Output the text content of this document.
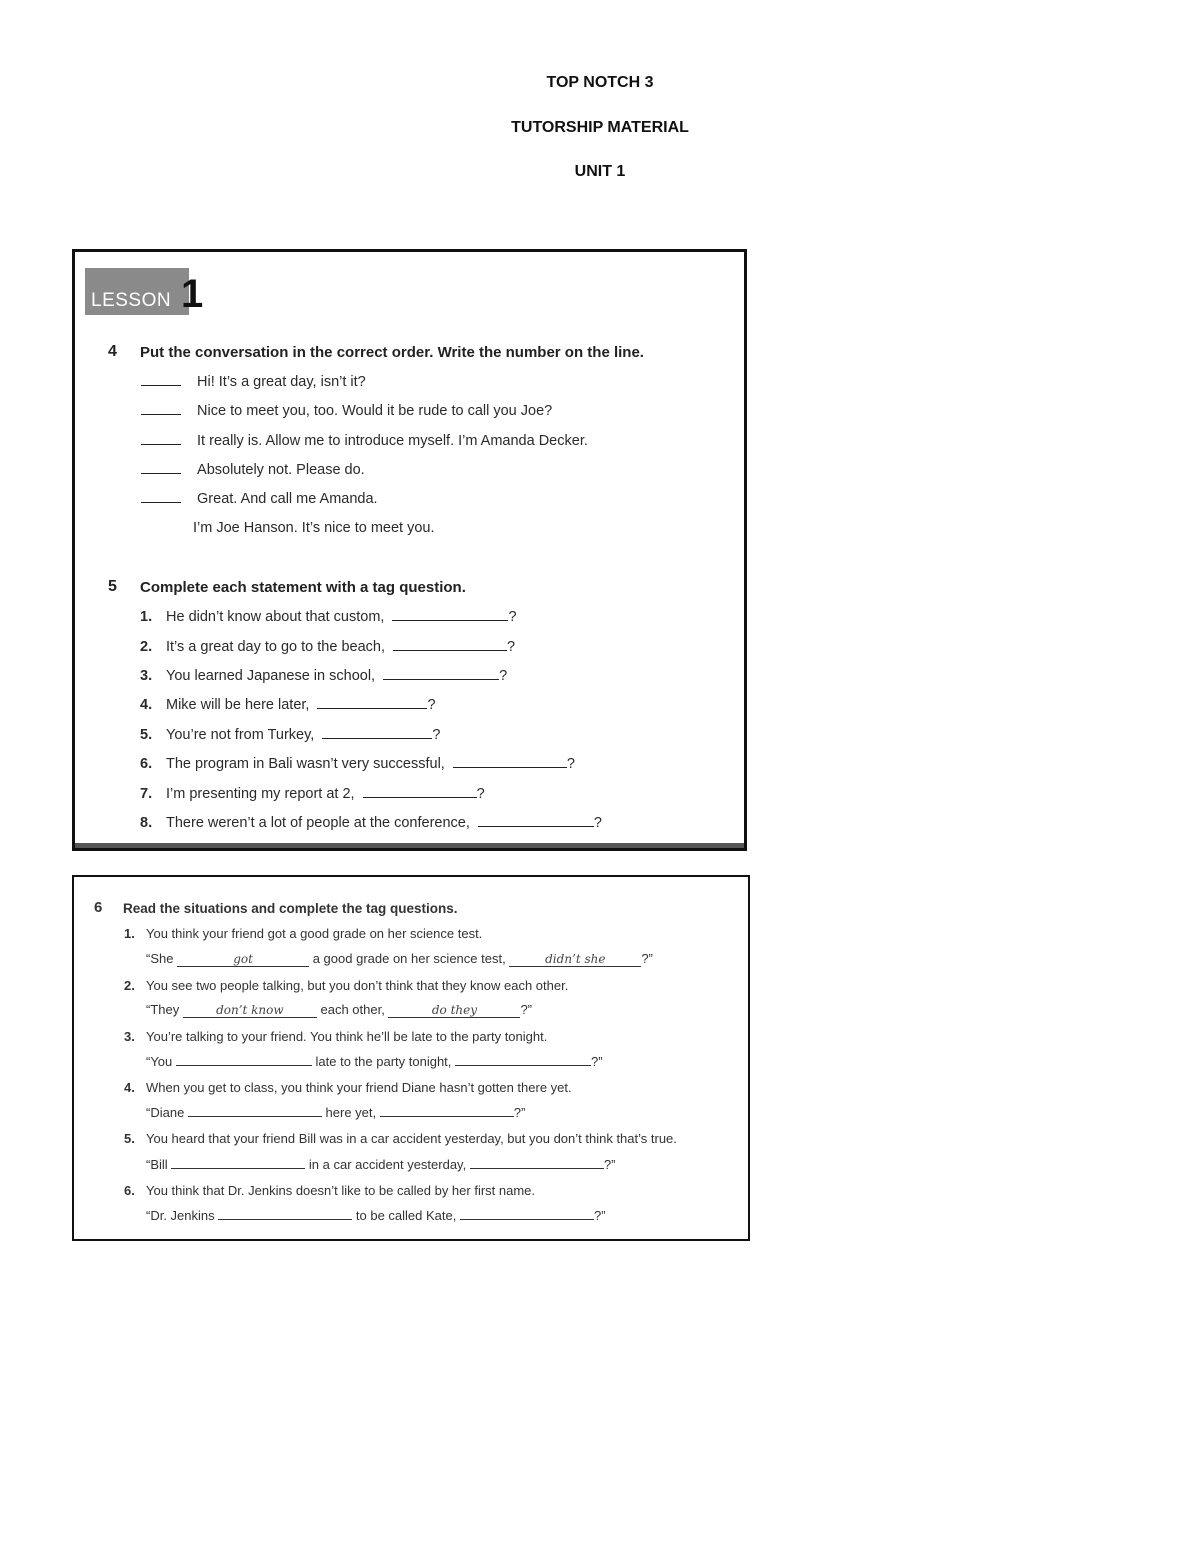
TOP NOTCH 3
TUTORSHIP MATERIAL
UNIT 1
LESSON 1
4 Put the conversation in the correct order. Write the number on the line.
Hi! It’s a great day, isn’t it?
Nice to meet you, too. Would it be rude to call you Joe?
It really is. Allow me to introduce myself. I’m Amanda Decker.
Absolutely not. Please do.
Great. And call me Amanda.
I’m Joe Hanson. It’s nice to meet you.
5 Complete each statement with a tag question.
1. He didn’t know about that custom,	?
2. It’s a great day to go to the beach,	?
3. You learned Japanese in school,	?
4. Mike will be here later,	?
5. You’re not from Turkey,	?
6. The program in Bali wasn’t very successful,	?
7. I’m presenting my report at 2,	?
8. There weren’t a lot of people at the conference,	?
6 Read the situations and complete the tag questions.
1. You think your friend got a good grade on her science test.
“She	got	a good grade on her science test,	didn’t she	?”
2. You see two people talking, but you don’t think that they know each other.
“They	don’t know	each other,	do they	?”
3. You’re talking to your friend. You think he’ll be late to the party tonight.
“You	late to the party tonight,	?”
4. When you get to class, you think your friend Diane hasn’t gotten there yet.
“Diane	here yet,	?”
5. You heard that your friend Bill was in a car accident yesterday, but you don’t think that’s true.
“Bill	in a car accident yesterday,	?”
6. You think that Dr. Jenkins doesn’t like to be called by her first name.
“Dr. Jenkins	to be called Kate,	?”
